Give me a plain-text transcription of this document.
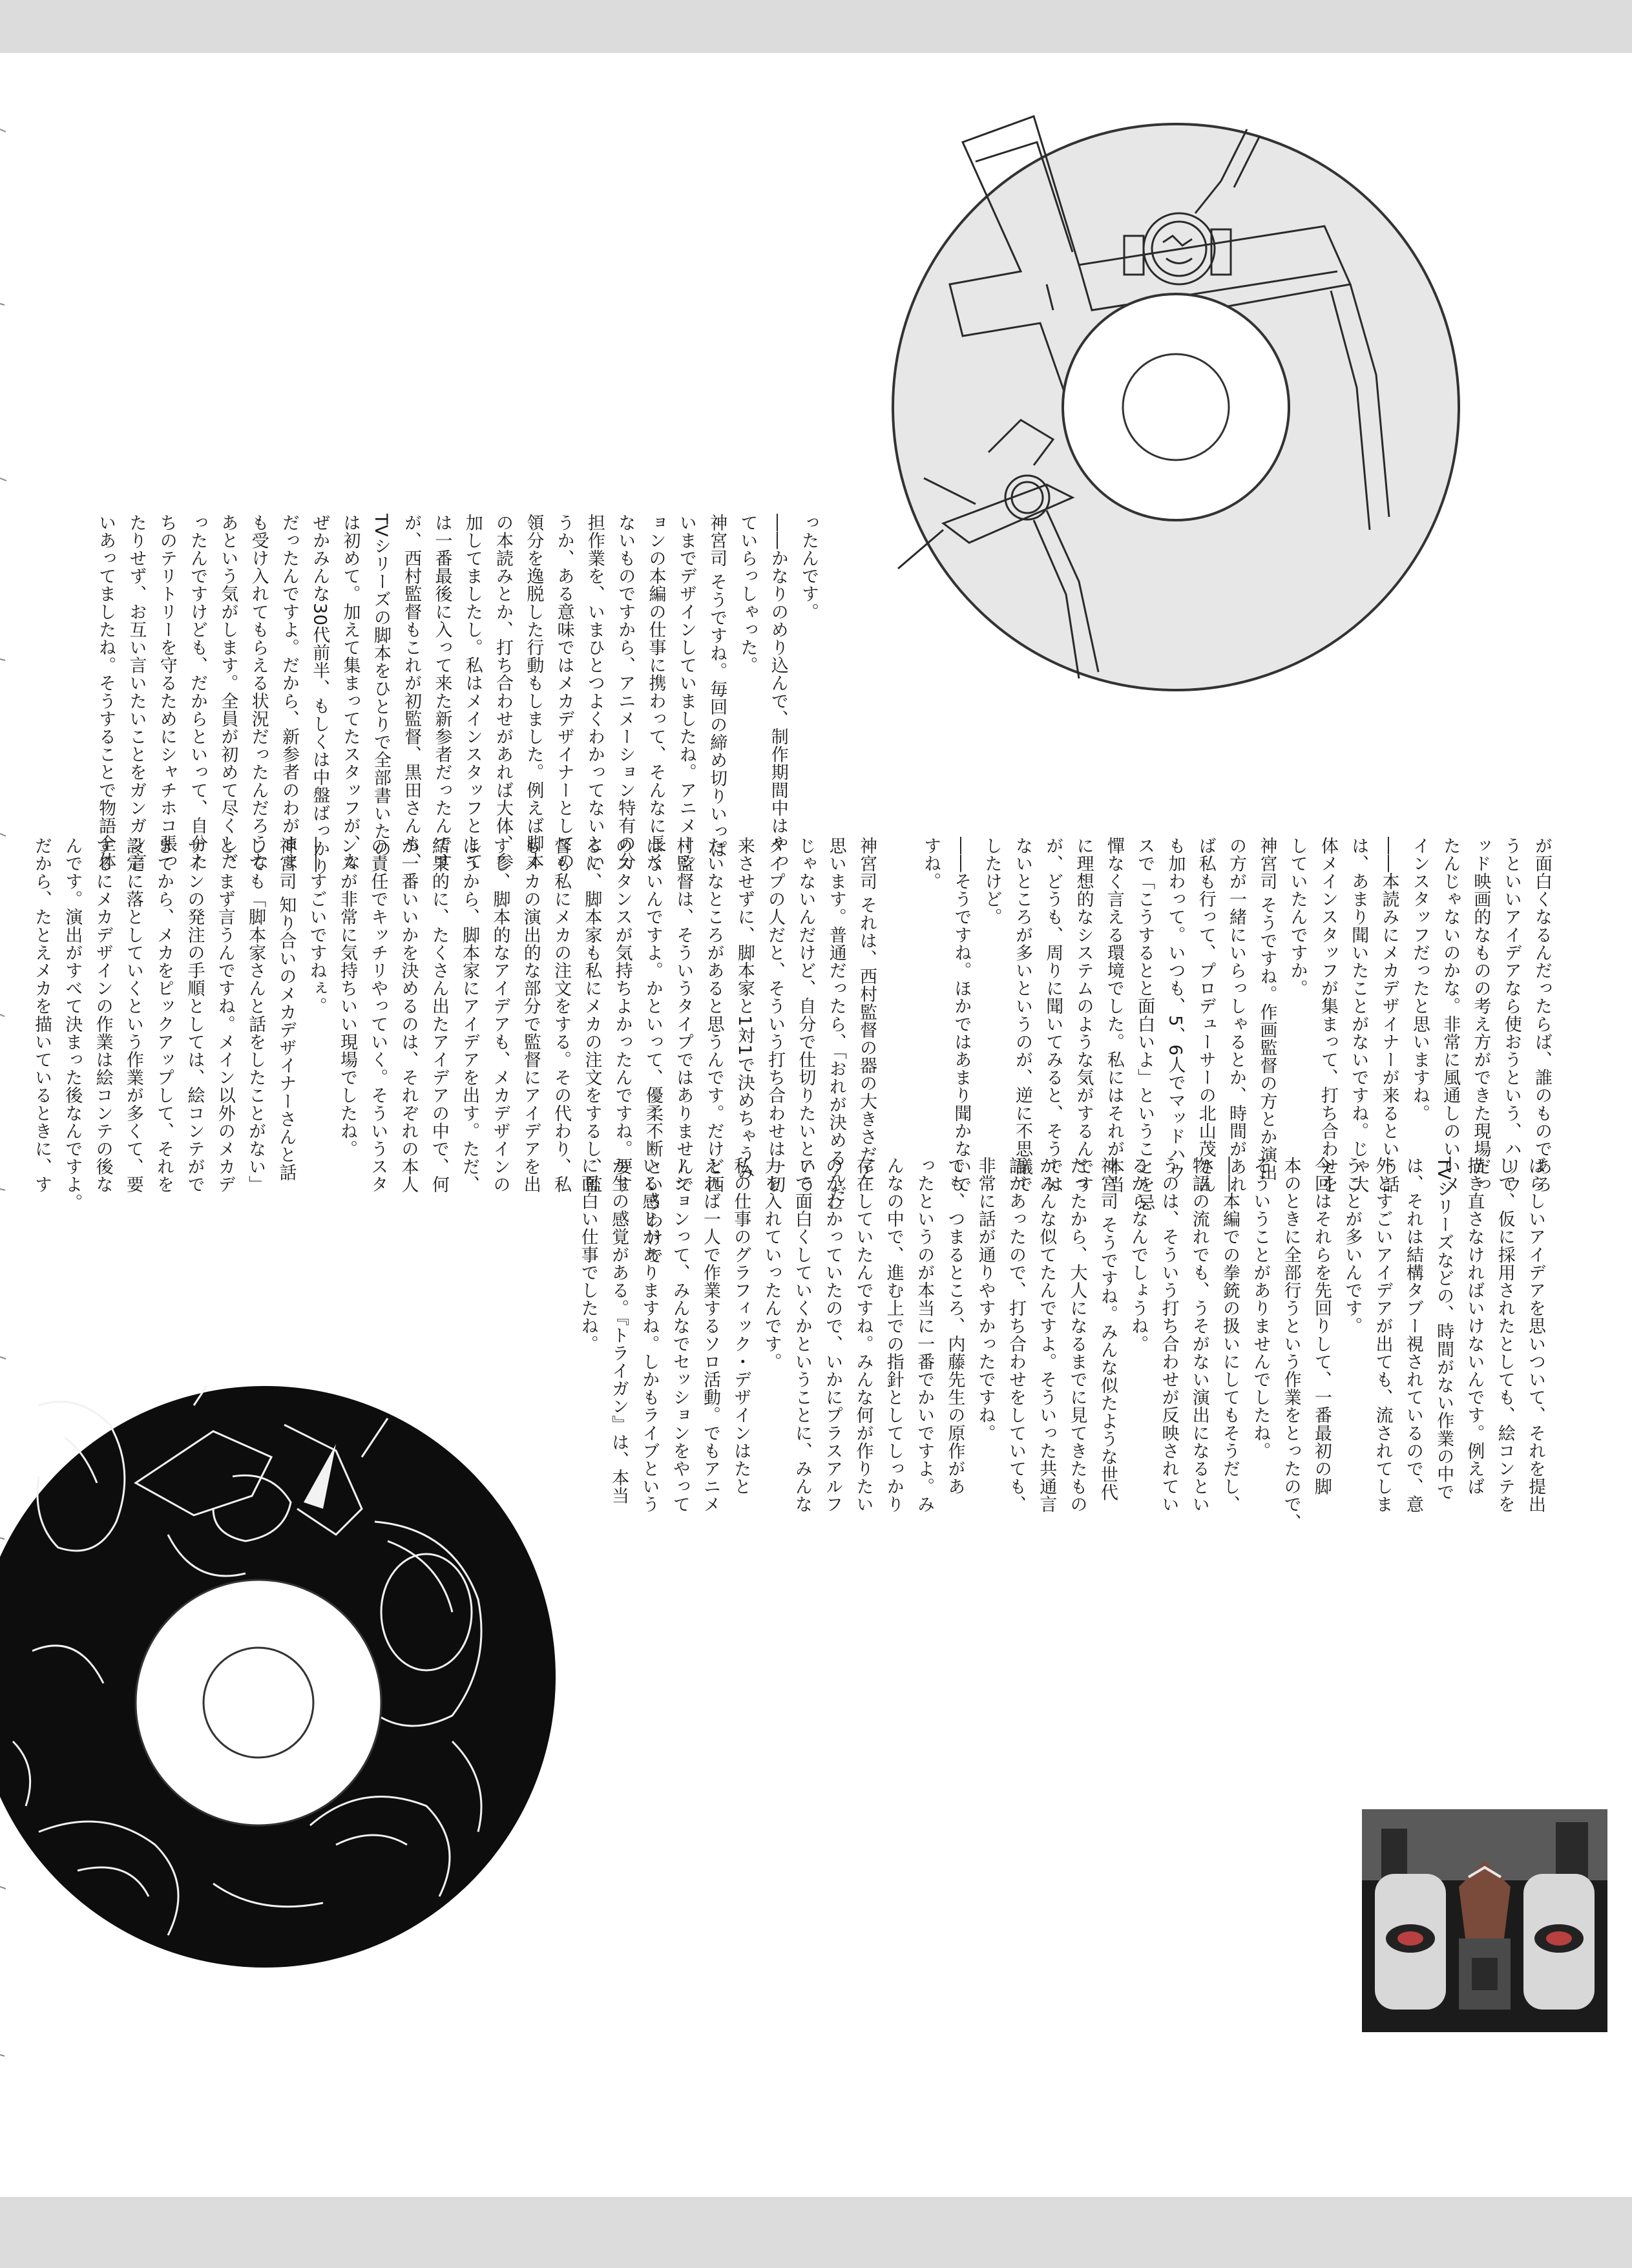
ばらしいアイデアを思いついて、それを提出
して、仮に採用されたとしても、絵コンテを
描き直さなければいけないんです。例えば
TVシリーズなどの、時間がない作業の中で
は、それは結構タブー視されているので、意
外とすごいアイデアが出ても、流されてしま
うことが多いんです。
今回はそれらを先回りして、一番最初の脚
本のときに全部行うという作業をとったので、
そういうことがありませんでしたね。
――本編での拳銃の扱いにしてもそうだし、
物語の流れでも、うそがない演出になるとい
うのは、そういう打ち合わせが反映されてい
るからなんでしょうね。
神宮司 そうですね。みんな似たような世代
だったから、大人になるまでに見てきたもの
がみんな似てたんですよ。そういった共通言
語があったので、打ち合わせをしていても、
非常に話が通りやすかったですね。
でも、つまるところ、内藤先生の原作があ
ったというのが本当に一番でかいですよ。み
んなの中で、進む上での指針としてしっかり
存在していたんですね。みんな何が作りたい
のかわかっていたので、いかにプラスアルフ
ァで面白くしていくかということに、みんな
力を入れていったんです。
私の仕事のグラフィック・デザインはたと
えれば一人で作業するソロ活動。でもアニメ
ーションって、みんなでセッションをやって
いる感じがありますね。しかもライブという
か生の感覚がある。『トライガン』は、本当
に面白い仕事でしたね。
ったんです。
――かなりのめり込んで、制作期間中はやっ
ていらっしゃった。
神宮司 そうですね。毎回の締め切りいっぱ
いまでデザインしていましたね。アニメーシ
ョンの本編の仕事に携わって、そんなに長く
ないものですから、アニメーション特有の分
担作業を、いまひとつよくわかってないとい
うか、ある意味ではメカデザイナーとしての
領分を逸脱した行動もしました。例えば脚本
の本読みとか、打ち合わせがあれば大体、参
加してましたし。私はメインスタッフとして
は一番最後に入って来た新参者だったんです
が、西村監督もこれが初監督、黒田さんも、
TVシリーズの脚本をひとりで全部書いたの
は初めて。加えて集まってたスタッフが、な
ぜかみんな30代前半、もしくは中盤ばっかり
だったんですよ。だから、新参者のわがまま
も受け入れてもらえる状況だったんだろうな
あという気がします。全員が初めて尽くしだ
ったんですけども、だからといって、自分た
ちのテリトリーを守るためにシャチホコ張っ
たりせず、お互い言いたいことをガンガン言
いあってましたね。そうすることで物語全体
が面白くなるんだったらば、誰のものであろ
うといいアイデアなら使おうという、ハリウ
ッド映画的なものの考え方ができた現場だっ
たんじゃないのかな。非常に風通しのいいメ
インスタッフだったと思いますね。
――本読みにメカデザイナーが来るという話
は、あまり聞いたことがないですね。じゃ大
体メインスタッフが集まって、打ち合わせを
していたんですか。
神宮司 そうですね。作画監督の方とか演出
の方が一緒にいらっしゃるとか、時間があれ
ば私も行って、プロデューサーの北山茂さん
も加わって。いつも、5、6人でマッドハウ
スで「こうするとと面白いよ」ということを忌
憚なく言える環境でした。私にはそれが本当
に理想的なシステムのような気がするんです
が、どうも、周りに聞いてみると、そうでは
ないところが多いというのが、逆に不思議で
したけど。
――そうですね。ほかではあまり聞かないで
すね。
神宮司 それは、西村監督の器の大きさだと
思います。普通だったら、「おれが決めるんだ」
じゃないんだけど、自分で仕切りたいという
タイプの人だと、そういう打ち合わせは一切
来させずに、脚本家と1対1で決めちゃうみ
たいなところがあると思うんです。だけど西
村監督は、そういうタイプではありませんで
はないんですよ。かといって、優柔不断というわけで
のスタンスが気持ちよかったんですね。要す
るに、脚本家も私にメカの注文をするし、監
督も私にメカの注文をする。その代わり、私
もメカの演出的な部分で監督にアイデアを出
すし、脚本的なアイデアも、メカデザインの
ほうから、脚本家にアイデアを出す。ただ、
結果的に、たくさん出たアイデアの中で、何
が一番いいかを決めるのは、それぞれの本人
の責任でキッチリやっていく。そういうスタ
ンスが非常に気持ちいい現場でしたね。
――すごいですねぇ。
神宮司 知り合いのメカデザイナーさんと話
しても「脚本家さんと話をしたことがない」
と、まず言うんですね。メイン以外のメカデ
ザインの発注の手順としては、絵コンテがで
きてから、メカをピックアップして、それを
設定に落としていくという作業が多くて、要
するにメカデザインの作業は絵コンテの後な
んです。演出がすべて決まった後なんですよ。
だから、たとえメカを描いているときに、す
